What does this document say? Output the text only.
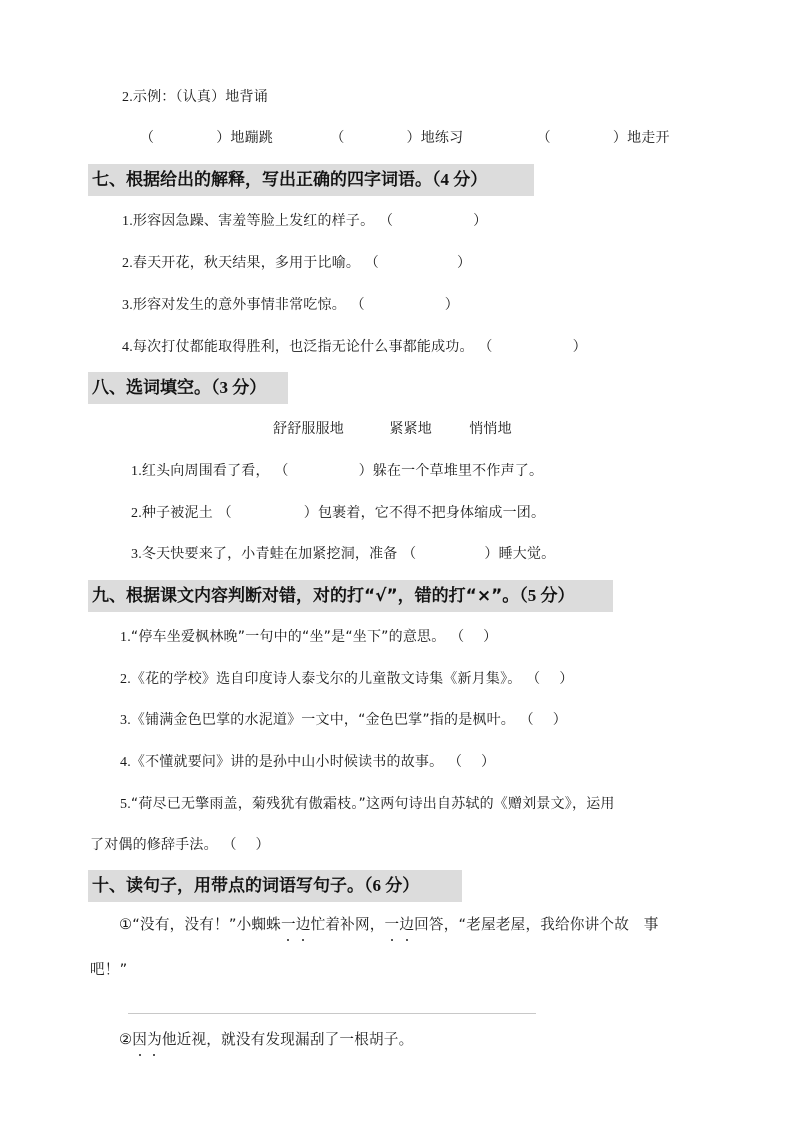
2.示例：（认真）地背诵
（	）地蹦跳	（	）地练习	（	）地走开
七、根据给出的解释，写出正确的四字词语。（4 分）
1.形容因急躁、害羞等脸上发红的样子。 （	）
2.春天开花，秋天结果，多用于比喻。 （	）
3.形容对发生的意外事情非常吃惊。 （	）
4.每次打仗都能取得胜利，也泛指无论什么事都能成功。 （	）
八、选词填空。（3 分）
舒舒服服地	紧紧地	悄悄地
1.红头向周围看了看， （	）躲在一个草堆里不作声了。
2.种子被泥土 （	）包裹着，它不得不把身体缩成一团。
3.冬天快要来了，小青蛙在加紧挖洞，准备 （	）睡大觉。
九、根据课文内容判断对错，对的打“√”，错的打“×”。（5 分）
1.“停车坐爱枫林晚”一句中的“坐”是“坐下”的意思。 （　 ）
2.《花的学校》选自印度诗人泰戈尔的儿童散文诗集《新月集》。 （　 ）
3.《铺满金色巴掌的水泥道》一文中，“金色巴掌”指的是枫叶。 （　 ）
4.《不懂就要问》讲的是孙中山小时候读书的故事。 （　 ）
5.“荷尽已无擎雨盖，菊残犹有傲霜枝。”这两句诗出自苏轼的《赠刘景文》，运用
了对偶的修辞手法。 （　 ）
十、读句子，用带点的词语写句子。（6 分）
①“没有，没有！”小蜘蛛一边忙着补网，一边回答，“老屋老屋，我给你讲个故　事
吧！”
②因为他近视，就没有发现漏刮了一根胡子。
